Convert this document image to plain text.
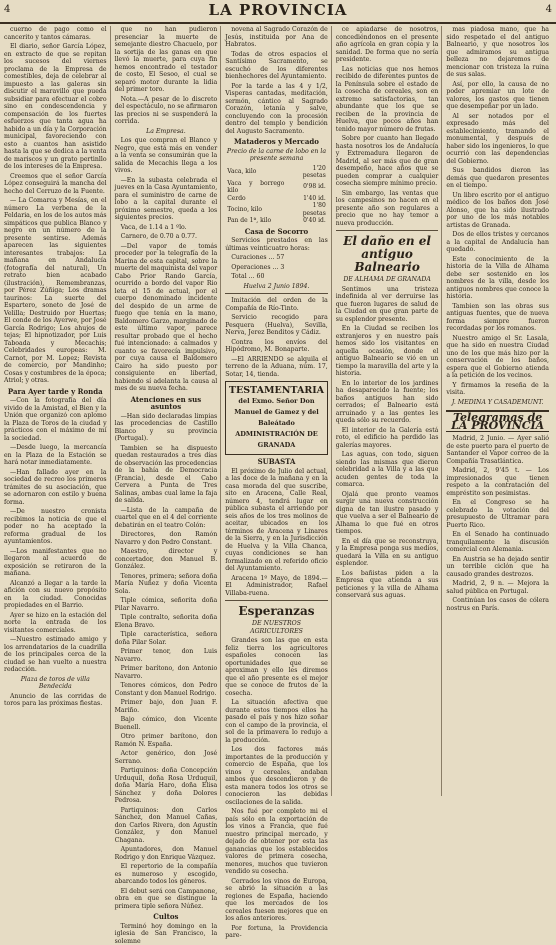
4	LA PROVINCIA	4

cuerno de pago como el cancerito y tantos cámaras.

El diario, señor García López, en extracto de que se repitan los sucesos del viernes proclama de la Empresa de comestibles, deja de celebrar al impuesto a las galeras sin discutir el maravillo que pueda subsidiar para efectuar el cobro sino en condescendencia y compensación de los fuertes esfuerzos que tanta agua ha habido a un día y la Corporación municipal, favoreciendo con esto a cuantos han asistido hasta la que se dedica a la venta de mariscos y un grato pertinllo de los intereses de la Empresa.

Creemos que el señor García López conseguirá la mancha del hecho del Cerruzo de la Fuente.

— La Comarca y Mesías, en el número La verbena de la Feldaria, en los de los autos más simpáticos que publica Blanco y negro en un número de la presente sentirse. Además aparecen las siguientes interesantes trabajos: La mañana en Andalucía (fotografía del natural), Un retrato bien acabado (ilustración), Remembranzas, por Pérez Zúñiga; Los dramas taurinos: La suerte del Espartero, soneto de José de Velilla; Destruido por Huertas; El conde de los Ayerwe, por José García Rodrigo; Los ahujos de tejas; El hipnotizador, por Luis Taboada y Mecachis; Celebridades europeas: M. Carnot, por M. Lopez; Revista de comercio, por Mandinho; Cosas y costumbres de la época; Atriol; y otras.

Para Ayer tarde y Ronda

—Con la fotografía del día vivido de la Amistad, el Bien y la Unión que organizó con aplomo la Plaza de Toros de la ciudad y prácticos con el máximo de mí la sociedad.

—Desde luego, la mercancía en la Plaza de la Estación se hará notar inmediatamente.

—Han fallado ayer en la sociedad de recreo los primeros trámites de su asociación, que se adornaron con estilo y buena forma.

—De nuestro cronista recibimos la noticia de que el poder no ha aceptado la reforma gradual de los ayuntamientos.

—Los manifestantes que no llegaron al acuerdo de exposición se retiraron de la mañana.

Alcanzó a llegar a la tarde la afición con su nuevo propósito en la ciudad. Conocidas propiedades en el Barrio.

Ayer se hizo en la estación del norte la entrada de los visitantes comerciales.

—Nuestro estimado amigo y los arrendatarios de la cuadrilla de los principales cerca de la ciudad se han vuelto a nuestra redacción.

Plaza de toros de villa Bendecida

Anuncio de las corridas de toros para las próximas fiestas.

que no han pudieron presenciar la muerte de semejante diestro Chacuelo, por la sortija de las ganas en que llevó la muerte, para cuya fin hemos encontrado el testador de costo, El Sesoo, el cual se separó motor durante la lidia del primer toro.

Nota.—A pesar de lo discreto del espectáculo, no se afirmaron las precios ni se suspenderá la corrida.

La Empresa.

Los que compran el Blanco y Negro, que está más en vender a la venta se consumirán que la salida de Mecachis llega a los vivos.

—En la subasta celebrada el jueves en la Casa Ayuntamiento, para el suministro de carne de lobo a la capital durante el próximo semestre, queda a los siguientes precios.

Vaca, de 1.14 a 1 ºlo.

Carnero, de 0.70 a 0.77.

—Del vapor de tomás proceder por la telegrafía de la Marina de esta capital, sobre la muerte del maquinista del vapor Cabo Prior Rando García, ocurrido a bordo del vapor Rio leta el 15 de actual, por el cuerpo denominado incidente del despido de un arme de fuego que tenía en la mano, Baldomero Garzo, marginado de este último vapor, parece resultar probado que el hecho fué intencionado: a calmados y cuanto se favorecía impulsivo, por cuya causa el Baldomero Cairo ha sido puesto por consiguiente en libertad, habiendo sí adelanta la causa al mes de su nueva fecha.

Atenciones en sus asuntos

—Han sido declaradas limpias las procedencias de Castillo Blanco y su provincia (Portugal).

Tambien se ha dispuesto quedan restaurados a tres días de observación las procedencias de la bahía de Democracia (Francia), desde el Cabo Cervera a Punta de Tres Salinas, ambas cual lame la faja de salida.

—Lista de la campaña de cuartel que en el 4 del corriente debatirán en el teatro Colón:

Directores, don Ramón Navarro y don Pedro Constant.

Maestro, director y concertador, don Manuel B. González.

Tenores, primera; señora doña María Nuñez y doña Vicenta Sola.

Tiple cómica, señorita doña Pilar Navarro.

Tiple contralto, señorita doña Elena Bravo.

Tiple característica, señora doña Pilar Solar.

Primer tenor, don Luis Navarro.

Primer barítono, don Antonio Navarro.

Tenores cómicos, don Pedro Constant y don Manuel Rodrigo.

Primer bajo, don Juan F. Mariño.

Bajo cómico, don Vicente Buenell.

Otro primer barítono, don Ramón N. España.

Actor genérico, don José Serrano.

Partiquinos: doña Concepción Urduquil, doña Rosa Urduquil, doña María Haro, doña Elisa Sánchez y doña Dolores Pedrosa.

Partiquinos: don Carlos Sánchez, don Manuel Cañas, don Carlos Rivera, don Agustín González, y don Manuel Chagana.

Apuntadores, don Manuel Rodrigo y don Enrique Vázquez.

El repertorio de la compañía es numeroso y escogido, abarcando todos los géneros.

El debut será con Campanone, obra en que se distingue la primera tiple señora Núñez.

Cultos

Terminó hoy domingo en la iglesia de San Francisco, la solemne

novena al Sagrado Corazón de Jesús, instituida por Ana de Habratos.

Todas de otros espacios el Santísimo Sacramento, se escuchó de los diferentes bienhechores del Ayuntamiento.

Por la tarde a las 4 y 1/2, Visperas cantadas, meditación, sermón, cántico al Sagrado Corazón, letanía y salve, concluyendo con la procesión dentro del templo y bendición del Augusto Sacramento.

Mataderos y Mercado

Precio de la carne de lobo en la presente semana

Vaca, kilo	1'20 pesetas
Vaca y borrego kilo	0'98 id.
Cerdo	1'40 id.
Tocino, kilo	1'80 pesetas
Pan de 1ª, kilo	0'40 id.

Casa de Socorro

Servicios prestados en las últimas veinticuatro horas:

Curaciones ... 57

Operaciones ... 3

Total ... 60

Huelva 2 Junio 1894.

Imitación del orden de la Compañía de Río-Tinto.

Servicio recogido para Pesquera (Huelva), Sevilla, Nerva, Jerez Benditos y Cádiz.

Contra los envíos del Hipódromo, M. Bonaparte.

—El ARRIENDO se alquila el terreno de la Aduana, núm. 17, Sotar, 14, tienda.

TESTAMENTARIA
del Exmo. Señor Don Manuel de Gamez y del Baleátado
ADMINISTRACIÓN DE GRANADA

SUBASTA

El próximo de Julio del actual, a las doce de la mañana y en la casa morada del que suscribe, sito en Aracena, Calle Real, número 4, tendrá lugar en pública subasta el arriendo por seis años de los tres molinos de aceitar, ubicados en los términos de Aracena y Linares de la Sierra, y en la Jurisdicción de Huelva y la Villa Chanca, cuyas condiciones se han formalizado en el referido oficio del Ayuntamiento.

Aracena 1º Mayo, de 1894.—El Administrador, Rafael Villaba-ruena.

Esperanzas

DE NUESTROS AGRICULTORES

Grandes son las que en esta feliz tierra los agricultores españoles conocen las oportunidades que se aproximan y ello les diremos que el año presente es el mejor que se conoce de frutos de la cosecha.

La situación afectiva que durante estos tiempos ellos ha pasado el país y nos hizo soñar con el campo de la provincia, el sol de la primavera lo redujo a la producción.

Los dos factores más importantes de la producción y comercio de España, que los vinos y cereales, andaban ambos que descendieron y de esta manera todos los otros se conocieron las debidas oscilaciones de la salida.

Nos fué por completo mi el país sólo en la exportación de los vinos a Francia, que fué nuestro principal mercado, y dejado de obtener por esta las ganancias que los establecidos valores de primera cosecha, menores, muchos que tuvieron vendido su cosecha.

Cerrados los vinos de Europa, se abrió la situación a las regiones de España, haciendo que los mercados de los cereales fuesen mejores que en los años anteriores.

Por fortuna, la Providencia pare-

ce apiadarse de nosotros, concediéndonos en el presente año agrícola en gran copia y la sanidad. De forma que no sería presidente.

Las noticias que nos hemos recibido de diferentes puntos de la Península sobre el estado de la cosecha de cereales, son en extremo satisfactorias, tan abundante que los que se reciben de la provincia de Huelva, que pocos años han tenido mayor número de frutas.

Sobre por cuanto han llegado hasta nosotros los de Andalucía y Extremadura llegaron de Madrid, al ser más que de gran desempeño, hace años que se pueden comprar a cualquier cosecha siempre mínimo precio.

Sin embargo, las ventas que los campesinos no hacen en el presente año son regulares a precio que no hay temor a nueva producción.

El daño en el antiguo Balneario

DE ALHAMA DE GRANADA

Sentimos una tristeza indefinida al ver derruirse las que fueron lugares de salud de la Ciudad en que gran parte de su esplendor presente.

En la Ciudad se reciben los extranjeros y en nuestro país hemos sido los visitantes en aquella ocasión, donde el antiguo Balneario se vió en un tiempo la maravilla del arte y la historia.

En lo interior de los jardines ha desaparecido la fuente; los baños antiguos han sido cerrados; el Balneario está arruinado y a las gentes les queda sólo su recuerdo.

El interior de la Galería está roto, el edificio ha perdido las galerías mayores.

Las aguas, con todo, siguen siendo las mismas que dieron celebridad a la Villa y a las que acuden gentes de toda la comarca.

Ojalá que pronto veamos surgir una nueva construcción digna de tan ilustre pasado y que vuelva a ser el Balneario de Alhama lo que fué en otros tiempos.

En el día que se reconstruya, y la Empresa ponga sus medios, quedará la Villa en su antiguo esplendor.

Los bañistas piden a la Empresa que atienda a sus peticiones y la villa de Alhama conservará sus aguas.

mas piadosa mano, que ha sido respetado el del antiguo Balneario, y que nosotros los que admiramos su antigua belleza no dejaremos de mencionar con tristeza la ruina de sus salas.

Así, por ello, la causa de no poder apremiar un lote de valores, los gastos que tienen que desempeñar por un lado.

Al ser notados por el expresado más del establecimiento, tramando el monumental, y después de haber sido los ingenieros, lo que ocurrió con las dependencias del Gobierno.

Sus bandidos dieron las demás que quedaron presentes en el tiempo.

Un libro escrito por el antiguo médico de los baños don José Alonso, que ha sido ilustrado por uno de los más notables artistas de Granada.

Dos de ellos tristes y cercanos a la capital de Andalucía han quedado.

Este conocimiento de la historia de la Villa de Alhama debe ser sostenido en los nombres de la villa, desde los antiguos nombres que conoce la historia.

Tambien son las obras sus antiguas fuentes, que de nueva forma siempre fueron recordadas por los romanos.

Nuestro amigo el Sr. Lasala, que ha sido en nuestra Ciudad uno de los que más hizo por la conservación de los baños, espera que el Gobierno atienda a la petición de los vecinos.

Y firmamos la reseña de la visita.

J. MEDINA Y CASADEMUNT.

Telegramas de LA PROVINCIA

Madrid, 2 Junio. — Ayer salió de este puerto para el puerto de Santander el Vapor correo de la Compañía Trasatlántica.

Madrid, 2, 9'45 t. — Los impresionados que tienen respeto a la contratación del empréstito son pesimistas.

En el Congreso se ha celebrado la votación del presupuesto de Ultramar para Puerto Rico.

En el Senado ha continuado tranquilamente la discusión comercial con Alemania.

En Austria se ha dejado sentir un terrible ciclón que ha causado grandes destrozos.

Madrid, 2, 9 n. — Mejora la salud pública en Portugal.

Continúan los casos de cólera nostrus en París.
